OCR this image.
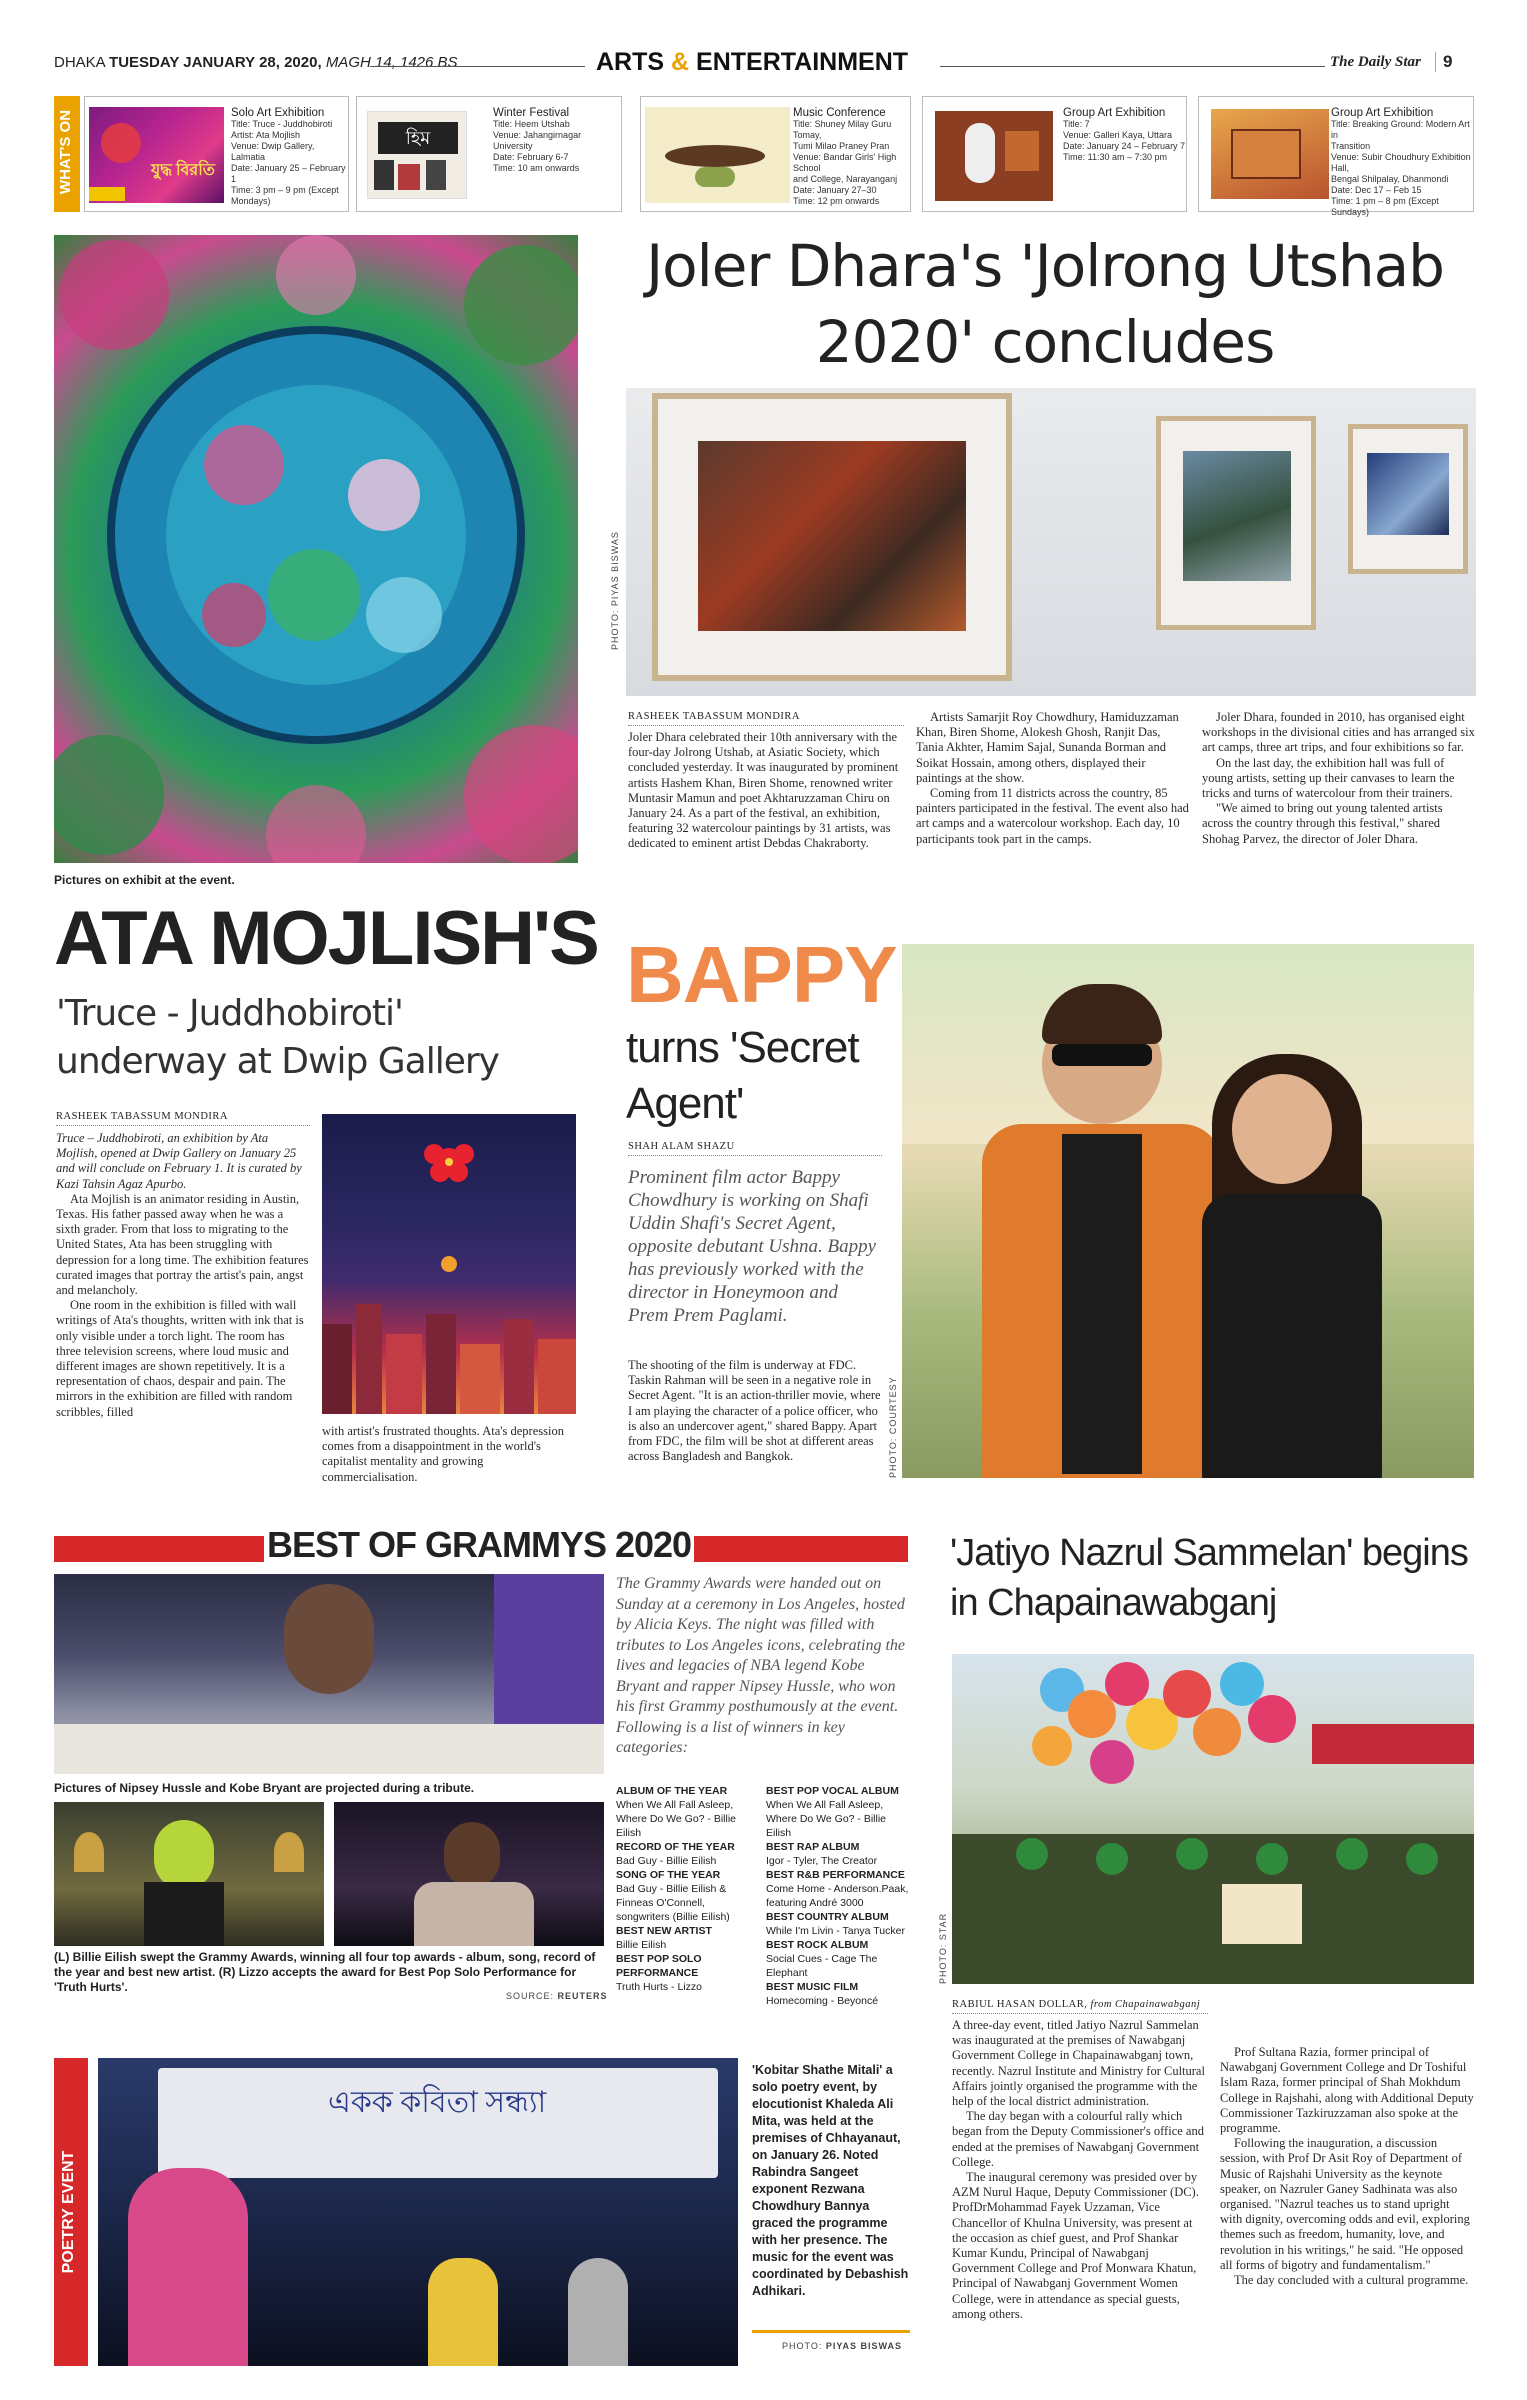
DHAKA TUESDAY JANUARY 28, 2020, MAGH 14, 1426 BS	ARTS & ENTERTAINMENT	The Daily Star 9
WHAT'S ON	যুদ্ধ বিরতি
Solo Art Exhibition
Title: Truce - Juddhobiroti
Artist: Ata Mojlish
Venue: Dwip Gallery, Lalmatia
Date: January 25 – February 1
Time: 3 pm – 9 pm (Except
Mondays)
হিম
Winter Festival
Title: Heem Utshab
Venue: Jahangirnagar University
Date: February 6-7
Time: 10 am onwards
Music Conference
Title: Shuney Milay Guru Tomay,
Tumi Milao Praney Pran
Venue: Bandar Girls' High School
and College, Narayanganj
Date: January 27–30
Time: 12 pm onwards
Group Art Exhibition
Title: 7
Venue: Galleri Kaya, Uttara
Date: January 24 – February 7
Time: 11:30 am – 7:30 pm
Group Art Exhibition
Title: Breaking Ground: Modern Art in
Transition
Venue: Subir Choudhury Exhibition Hall,
Bengal Shilpalay, Dhanmondi
Date: Dec 17 – Feb 15
Time: 1 pm – 8 pm (Except Sundays)
Pictures on exhibit at the event.
Joler Dhara's 'Jolrong Utshab
2020' concludes
PHOTO: PIYAS BISWAS
RASHEEK TABASSUM MONDIRA

Joler Dhara celebrated their 10th anniversary with the four-day Jolrong Utshab, at Asiatic Society, which concluded yesterday. It was inaugurated by prominent artists Hashem Khan, Biren Shome, renowned writer Muntasir Mamun and poet Akhtaruzzaman Chiru on January 24. As a part of the festival, an exhibition, featuring 32 watercolour paintings by 31 artists, was dedicated to eminent artist Debdas Chakraborty.

Artists Samarjit Roy Chowdhury, Hamiduzzaman Khan, Biren Shome, Alokesh Ghosh, Ranjit Das, Tania Akhter, Hamim Sajal, Sunanda Borman and Soikat Hossain, among others, displayed their paintings at the show.

Coming from 11 districts across the country, 85 painters participated in the festival. The event also had art camps and a watercolour workshop. Each day, 10 participants took part in the camps.

Joler Dhara, founded in 2010, has organised eight workshops in the divisional cities and has arranged six art camps, three art trips, and four exhibitions so far.

On the last day, the exhibition hall was full of young artists, setting up their canvases to learn the tricks and turns of watercolour from their trainers.

"We aimed to bring out young talented artists across the country through this festival," shared Shohag Parvez, the director of Joler Dhara.

ATA MOJLISH'S
'Truce - Juddhobiroti'
underway at Dwip Gallery
RASHEEK TABASSUM MONDIRA

Truce – Juddhobiroti, an exhibition by Ata Mojlish, opened at Dwip Gallery on January 25 and will conclude on February 1. It is curated by Kazi Tahsin Agaz Apurbo.

Ata Mojlish is an animator residing in Austin, Texas. His father passed away when he was a sixth grader. From that loss to migrating to the United States, Ata has been struggling with depression for a long time. The exhibition features curated images that portray the artist's pain, angst and melancholy.

One room in the exhibition is filled with wall writings of Ata's thoughts, written with ink that is only visible under a torch light. The room has three television screens, where loud music and different images are shown repetitively. It is a representation of chaos, despair and pain. The mirrors in the exhibition are filled with random scribbles, filled

with artist's frustrated thoughts. Ata's depression comes from a disappointment in the world's capitalist mentality and growing commercialisation.

BAPPY
turns 'Secret
Agent'
SHAH ALAM SHAZU
Prominent film actor Bappy Chowdhury is working on Shafi Uddin Shafi's Secret Agent, opposite debutant Ushna. Bappy has previously worked with the director in Honeymoon and Prem Prem Paglami.

The shooting of the film is underway at FDC. Taskin Rahman will be seen in a negative role in Secret Agent. "It is an action-thriller movie, where I am playing the character of a police officer, who is also an undercover agent," shared Bappy. Apart from FDC, the film will be shot at different areas across Bangladesh and Bangkok.	PHOTO: COURTESY
BEST OF GRAMMYS 2020
Pictures of Nipsey Hussle and Kobe Bryant are projected during a tribute.
(L) Billie Eilish swept the Grammy Awards, winning all four top awards - album, song, record of the year and best new artist. (R) Lizzo accepts the award for Best Pop Solo Performance for 'Truth Hurts'.
SOURCE: REUTERS
The Grammy Awards were handed out on Sunday at a ceremony in Los Angeles, hosted by Alicia Keys. The night was filled with tributes to Los Angeles icons, celebrating the lives and legacies of NBA legend Kobe Bryant and rapper Nipsey Hussle, who won his first Grammy posthumously at the event. Following is a list of winners in key categories:
ALBUM OF THE YEAR
When We All Fall Asleep, Where Do We Go? - Billie Eilish
RECORD OF THE YEAR
Bad Guy - Billie Eilish
SONG OF THE YEAR
Bad Guy - Billie Eilish & Finneas O'Connell, songwriters (Billie Eilish)
BEST NEW ARTIST
Billie Eilish
BEST POP SOLO PERFORMANCE
Truth Hurts - Lizzo
BEST POP VOCAL ALBUM
When We All Fall Asleep, Where Do We Go? - Billie Eilish
BEST RAP ALBUM
Igor - Tyler, The Creator
BEST R&B PERFORMANCE
Come Home - Anderson.Paak, featuring André 3000
BEST COUNTRY ALBUM
While I'm Livin - Tanya Tucker
BEST ROCK ALBUM
Social Cues - Cage The Elephant
BEST MUSIC FILM
Homecoming - Beyoncé
'Jatiyo Nazrul Sammelan' begins
in Chapainawabganj
PHOTO: STAR
RABIUL HASAN DOLLAR, from Chapainawabganj

A three-day event, titled Jatiyo Nazrul Sammelan was inaugurated at the premises of Nawabganj Government College in Chapainawabganj town, recently. Nazrul Institute and Ministry for Cultural Affairs jointly organised the programme with the help of the local district administration.

The day began with a colourful rally which began from the Deputy Commissioner's office and ended at the premises of Nawabganj Government College.

The inaugural ceremony was presided over by AZM Nurul Haque, Deputy Commissioner (DC). ProfDrMohammad Fayek Uzzaman, Vice Chancellor of Khulna University, was present at the occasion as chief guest, and Prof Shankar Kumar Kundu, Principal of Nawabganj Government College and Prof Monwara Khatun, Principal of Nawabganj Government Women College, were in attendance as special guests, among others.

Prof Sultana Razia, former principal of Nawabganj Government College and Dr Toshiful Islam Raza, former principal of Shah Mokhdum College in Rajshahi, along with Additional Deputy Commissioner Tazkiruzzaman also spoke at the programme.

Following the inauguration, a discussion session, with Prof Dr Asit Roy of Department of Music of Rajshahi University as the keynote speaker, on Nazruler Ganey Sadhinata was also organised. "Nazrul teaches us to stand upright with dignity, overcoming odds and evil, exploring themes such as freedom, humanity, love, and revolution in his writings," he said. "He opposed all forms of bigotry and fundamentalism."

The day concluded with a cultural programme.

POETRY EVENT
একক কবিতা সন্ধ্যা
'Kobitar Shathe Mitali' a solo poetry event, by elocutionist Khaleda Ali Mita, was held at the premises of Chhayanaut, on January 26. Noted Rabindra Sangeet exponent Rezwana Chowdhury Bannya graced the programme with her presence. The music for the event was coordinated by Debashish Adhikari.
PHOTO: PIYAS BISWAS
